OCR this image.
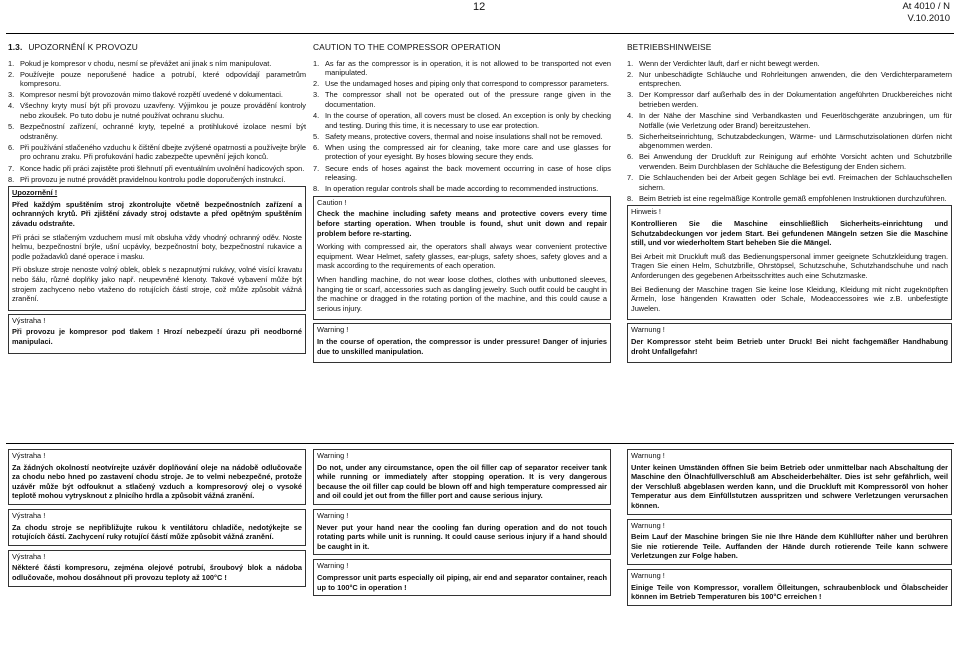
12	At 4010 / N
V.10.2010
1.3. UPOZORNĚNÍ K PROVOZU
1. Pokud je kompresor v chodu, nesmí se převážet ani jinak s ním manipulovat.
2. Používejte pouze neporušené hadice a potrubí, které odpovídají parametrům kompresoru.
3. Kompresor nesmí být provozován mimo tlakové rozpětí uvedené v dokumentaci.
4. Všechny kryty musí být při provozu uzavřeny. Výjimkou je pouze provádění kontroly nebo zkoušek. Po tuto dobu je nutné používat ochranu sluchu.
5. Bezpečnostní zařízení, ochranné kryty, tepelné a protihlukové izolace nesmí být odstraněny.
6. Při používání stlačeného vzduchu k čištění dbejte zvýšené opatrnosti a používejte brýle pro ochranu zraku. Při profukování hadic zabezpečte upevnění jejich konců.
7. Konce hadic při práci zajistěte proti šlehnutí při eventuálním uvolnění hadicových spon.
8. Při provozu je nutné provádět pravidelnou kontrolu podle doporučených instrukcí.
Upozornění !
Před každým spuštěním stroj zkontrolujte včetně bezpečnostních zařízení a ochranných krytů. Při zjištění závady stroj odstavte a před opětným spuštěním závadu odstraňte.
Při práci se stlačeným vzduchem musí mít obsluha vždy vhodný ochranný oděv. Noste helmu, bezpečnostní brýle, ušní ucpávky, bezpečnostní boty, bezpečnostní rukavice a podle požadavků dané operace i masku.
Při obsluze stroje nenoste volný oblek, oblek s nezapnutými rukávy, volné visící kravatu nebo šálu, různé doplňky jako např. neupevněné klenoty. Takové vybavení může být strojem zachyceno nebo vtaženo do rotujících částí stroje, což může způsobit vážná zranění.
Výstraha !
Při provozu je kompresor pod tlakem ! Hrozí nebezpečí úrazu při neodborné manipulaci.
CAUTION TO THE COMPRESSOR OPERATION
1. As far as the compressor is in operation, it is not allowed to be transported not even manipulated.
2. Use the undamaged hoses and piping only that correspond to compressor parameters.
3. The compressor shall not be operated out of the pressure range given in the documentation.
4. In the course of operation, all covers must be closed. An exception is only by checking and testing. During this time, it is necessary to use ear protection.
5. Safety means, protective covers, thermal and noise insulations shall not be removed.
6. When using the compressed air for cleaning, take more care and use glasses for protection of your eyesight. By hoses blowing secure they ends.
7. Secure ends of hoses against the back movement occurring in case of hose clips releasing.
8. In operation regular controls shall be made according to recommended instructions.
Caution !
Check the machine including safety means and protective covers every time before starting operation. When trouble is found, shut unit down and repair problem before re-starting.
Working with compressed air, the operators shall always wear convenient protective equipment. Wear Helmet, safety glasses, ear-plugs, safety shoes, safety gloves and a mask according to the requirements of each operation.
When handling machine, do not wear loose clothes, clothes with unbuttoned sleeves, hanging tie or scarf, accessories such as dangling jewelry. Such outfit could be caught in the machine or dragged in the rotating portion of the machine, and this could cause a serious injury.
Warning !
In the course of operation, the compressor is under pressure! Danger of injuries due to unskilled manipulation.
BETRIEBSHINWEISE
1. Wenn der Verdichter läuft, darf er nicht bewegt werden.
2. Nur unbeschädigte Schläuche und Rohrleitungen anwenden, die den Verdichterparametern entsprechen.
3. Der Kompressor darf außerhalb des in der Dokumentation angeführten Druckbereiches nicht betrieben werden.
4. In der Nähe der Maschine sind Verbandkasten und Feuerlöschgeräte anzubringen, um für Notfälle (wie Verletzung oder Brand) bereitzustehen.
5. Sicherheitseinrichtung, Schutzabdeckungen, Wärme- und Lärmschutzisolationen dürfen nicht abgenommen werden.
6. Bei Anwendung der Druckluft zur Reinigung auf erhöhte Vorsicht achten und Schutzbrille verwenden. Beim Durchblasen der Schläuche die Befestigung der Enden sichern.
7. Die Schlauchenden bei der Arbeit gegen Schläge bei evtl. Freimachen der Schlauchschellen sichern.
8. Beim Betrieb ist eine regelmäßige Kontrolle gemäß empfohlenen Instruktionen durchzuführen.
Hinweis !
Kontrollieren Sie die Maschine einschließlich Sicherheits-einrichtung und Schutzabdeckungen vor jedem Start. Bei gefundenen Mängeln setzen Sie die Maschine still, und vor wiederholtem Start beheben Sie die Mängel.
Bei Arbeit mit Druckluft muß das Bedienungspersonal immer geeignete Schutzkleidung tragen. Tragen Sie einen Helm, Schutzbrille, Ohrstöpsel, Schutzschuhe, Schutzhandschuhe und nach Anforderungen des gegebenen Arbeitsschrittes auch eine Schutzmaske.
Bei Bedienung der Maschine tragen Sie keine lose Kleidung, Kleidung mit nicht zugeknöpften Ärmeln, lose hängenden Krawatten oder Schale, Modeaccessoires wie z.B. unbefestigte Juwelen.
Warnung !
Der Kompressor steht beim Betrieb unter Druck! Bei nicht fachgemäßer Handhabung droht Unfallgefahr!
Výstraha !
Za žádných okolností neotvírejte uzávěr doplňování oleje na nádobě odlučovače za chodu nebo hned po zastavení chodu stroje. Je to velmi nebezpečné, protože uzávěr může být odfouknut a stlačený vzduch a kompresorový olej o vysoké teplotě mohou vytrysknout z plnicího hrdla a způsobit vážná zranění.
Výstraha !
Za chodu stroje se nepřibližujte rukou k ventilátoru chladiče, nedotýkejte se rotujících částí. Zachycení ruky rotující částí může způsobit vážná zranění.
Výstraha !
Některé části kompresoru, zejména olejové potrubí, šroubový blok a nádoba odlučovače, mohou dosáhnout při provozu teploty až 100°C !
Warning !
Do not, under any circumstance, open the oil filler cap of separator receiver tank while running or immediately after stopping operation. It is very dangerous because the oil filler cap could be blown off and high temperature compressed air and oil could jet out from the filler port and cause serious injury.
Warning !
Never put your hand near the cooling fan during operation and do not touch rotating parts while unit is running. It could cause serious injury if a hand should be caught in it.
Warning !
Compressor unit parts especially oil piping, air end and separator container, reach up to 100°C in operation !
Warnung !
Unter keinen Umständen öffnen Sie beim Betrieb oder unmittelbar nach Abschaltung der Maschine den Ölnachfüllverschluß am Abscheiderbehälter. Dies ist sehr gefährlich, weil der Verschluß abgeblasen werden kann, und die Druckluft mit Kompressoröl von hoher Temperatur aus dem Einfüllstutzen ausspritzen und schwere Verletzungen verursachen können.
Warnung !
Beim Lauf der Maschine bringen Sie nie Ihre Hände dem Kühllüfter näher und berühren Sie nie rotierende Teile. Auffanden der Hände durch rotierende Teile kann schwere Verletzungen zur Folge haben.
Warnung !
Einige Teile von Kompressor, vorallem Ölleitungen, schraubenblock und Ölabscheider können im Betrieb Temperaturen bis 100°C erreichen !
